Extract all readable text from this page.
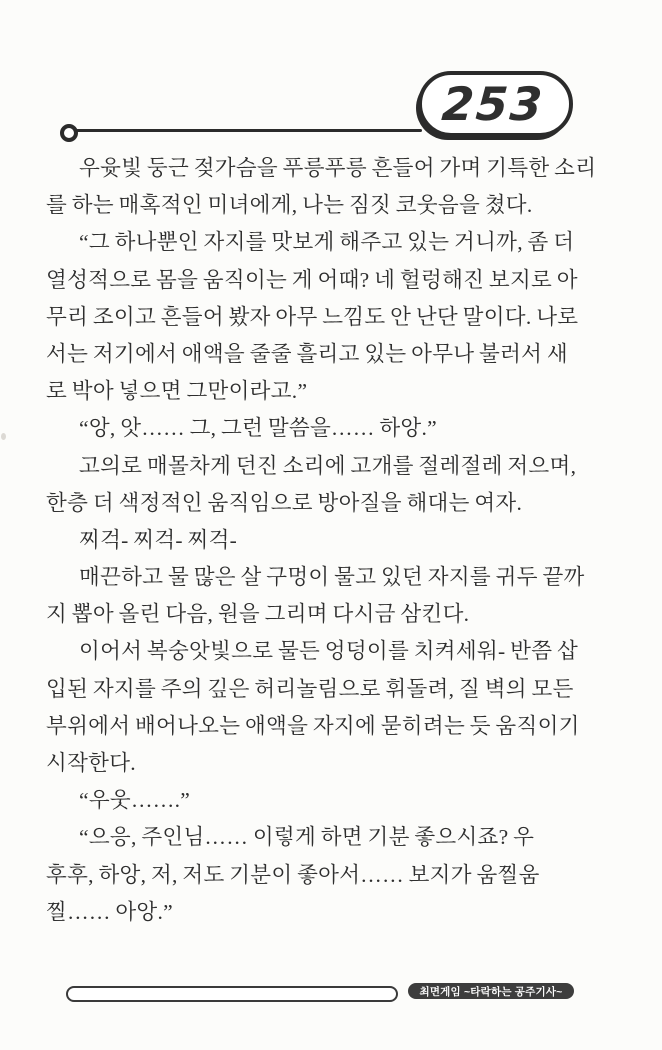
253
우윳빛 둥근 젖가슴을 푸릉푸릉 흔들어 가며 기특한 소리
를 하는 매혹적인 미녀에게, 나는 짐짓 코웃음을 쳤다.
“그 하나뿐인 자지를 맛보게 해주고 있는 거니까, 좀 더
열성적으로 몸을 움직이는 게 어때? 네 헐렁해진 보지로 아
무리 조이고 흔들어 봤자 아무 느낌도 안 난단 말이다. 나로
서는 저기에서 애액을 줄줄 흘리고 있는 아무나 불러서 새
로 박아 넣으면 그만이라고.”
“앙, 앗…… 그, 그런 말씀을…… 하앙.”
고의로 매몰차게 던진 소리에 고개를 절레절레 저으며,
한층 더 색정적인 움직임으로 방아질을 해대는 여자.
찌걱- 찌걱- 찌걱-
매끈하고 물 많은 살 구멍이 물고 있던 자지를 귀두 끝까
지 뽑아 올린 다음, 원을 그리며 다시금 삼킨다.
이어서 복숭앗빛으로 물든 엉덩이를 치켜세워- 반쯤 삽
입된 자지를 주의 깊은 허리놀림으로 휘돌려, 질 벽의 모든
부위에서 배어나오는 애액을 자지에 묻히려는 듯 움직이기
시작한다.
“우웃…….”
“으응, 주인님…… 이렇게 하면 기분 좋으시죠? 우
후후, 하앙, 저, 저도 기분이 좋아서…… 보지가 움찔움
찔…… 아앙.”
최면게임 ~타락하는 공주기사~
